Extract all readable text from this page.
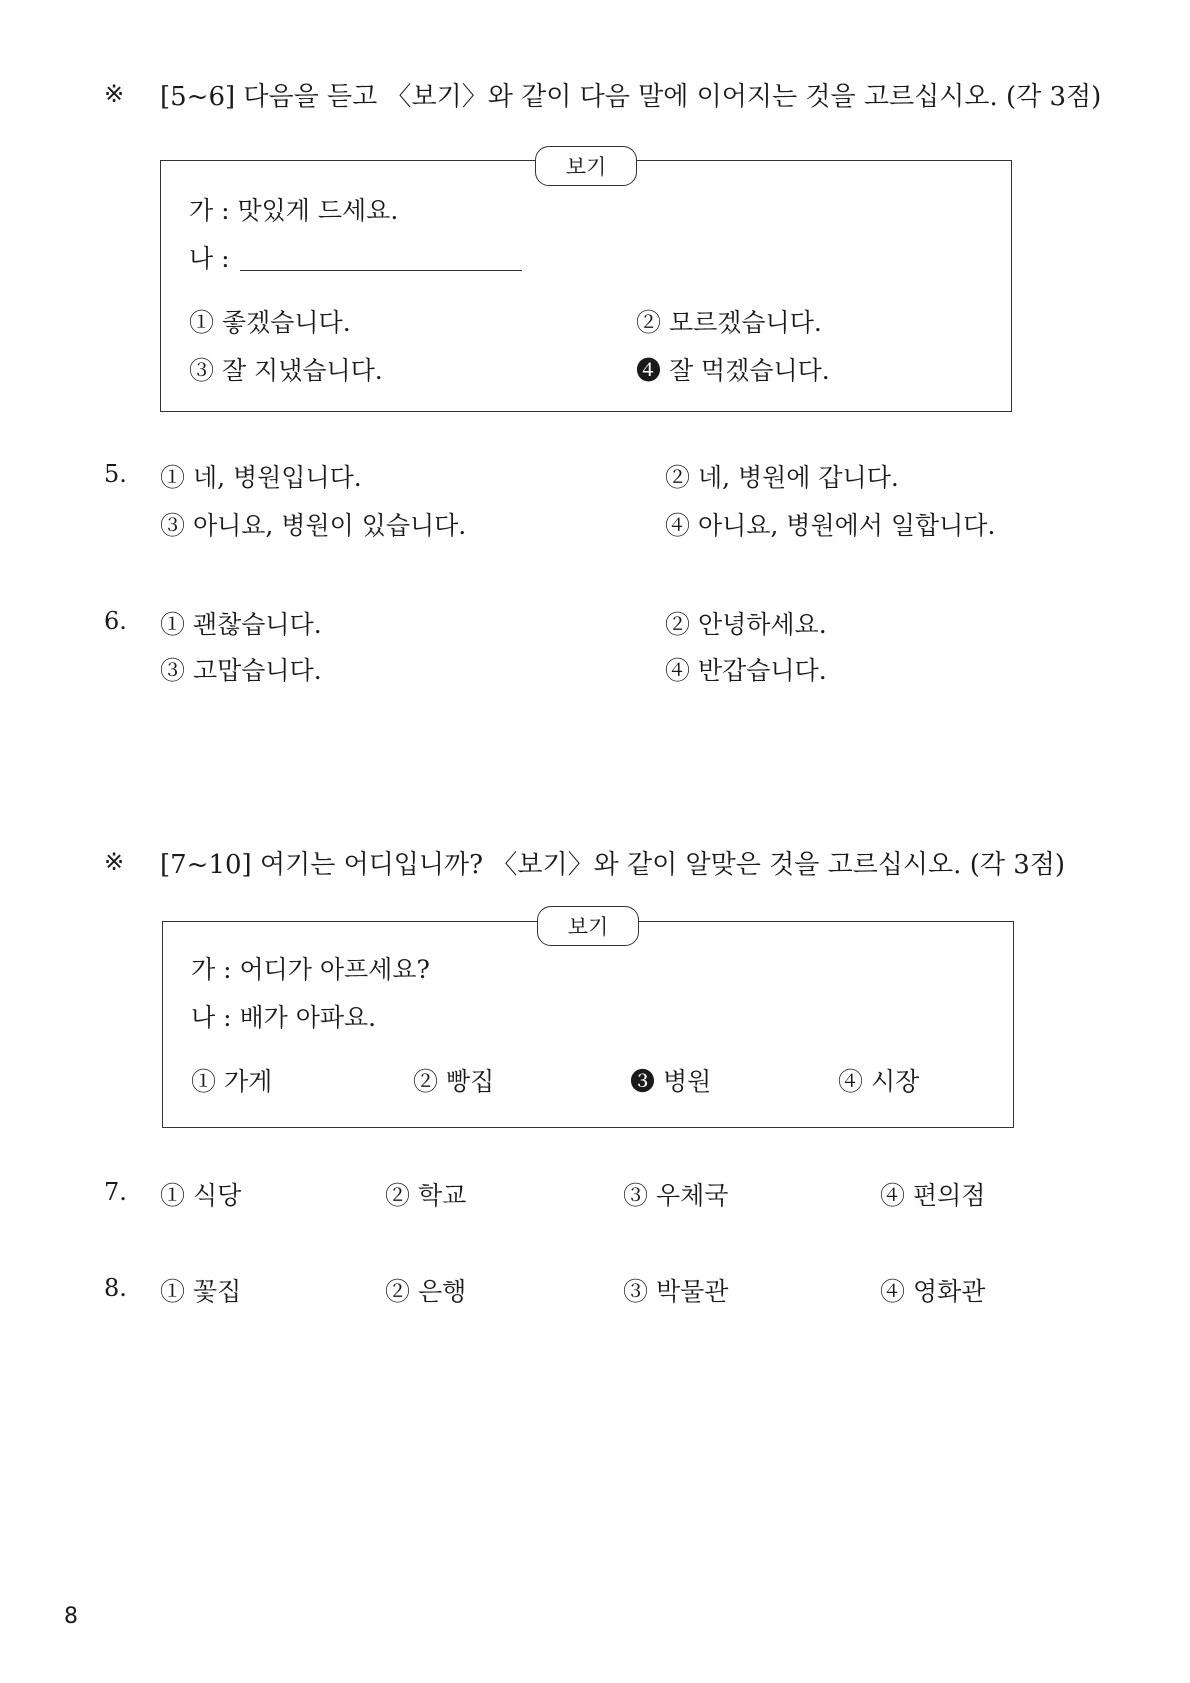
※ [5~6] 다음을 듣고 〈보기〉와 같이 다음 말에 이어지는 것을 고르십시오. (각 3점)
가 : 맛있게 드세요.
나 :
① 좋겠습니다.	② 모르겠습니다.
③ 잘 지냈습니다.	❹ 잘 먹겠습니다.
보기
5. ① 네, 병원입니다.	② 네, 병원에 갑니다.
③ 아니요, 병원이 있습니다.	④ 아니요, 병원에서 일합니다.
6. ① 괜찮습니다.	② 안녕하세요.
③ 고맙습니다.	④ 반갑습니다.
※ [7~10] 여기는 어디입니까? 〈보기〉와 같이 알맞은 것을 고르십시오. (각 3점)
가 : 어디가 아프세요?
나 : 배가 아파요.
① 가게	② 빵집	❸ 병원	④ 시장
보기
7. ① 식당	② 학교	③ 우체국	④ 편의점
8. ① 꽃집	② 은행	③ 박물관	④ 영화관
8
